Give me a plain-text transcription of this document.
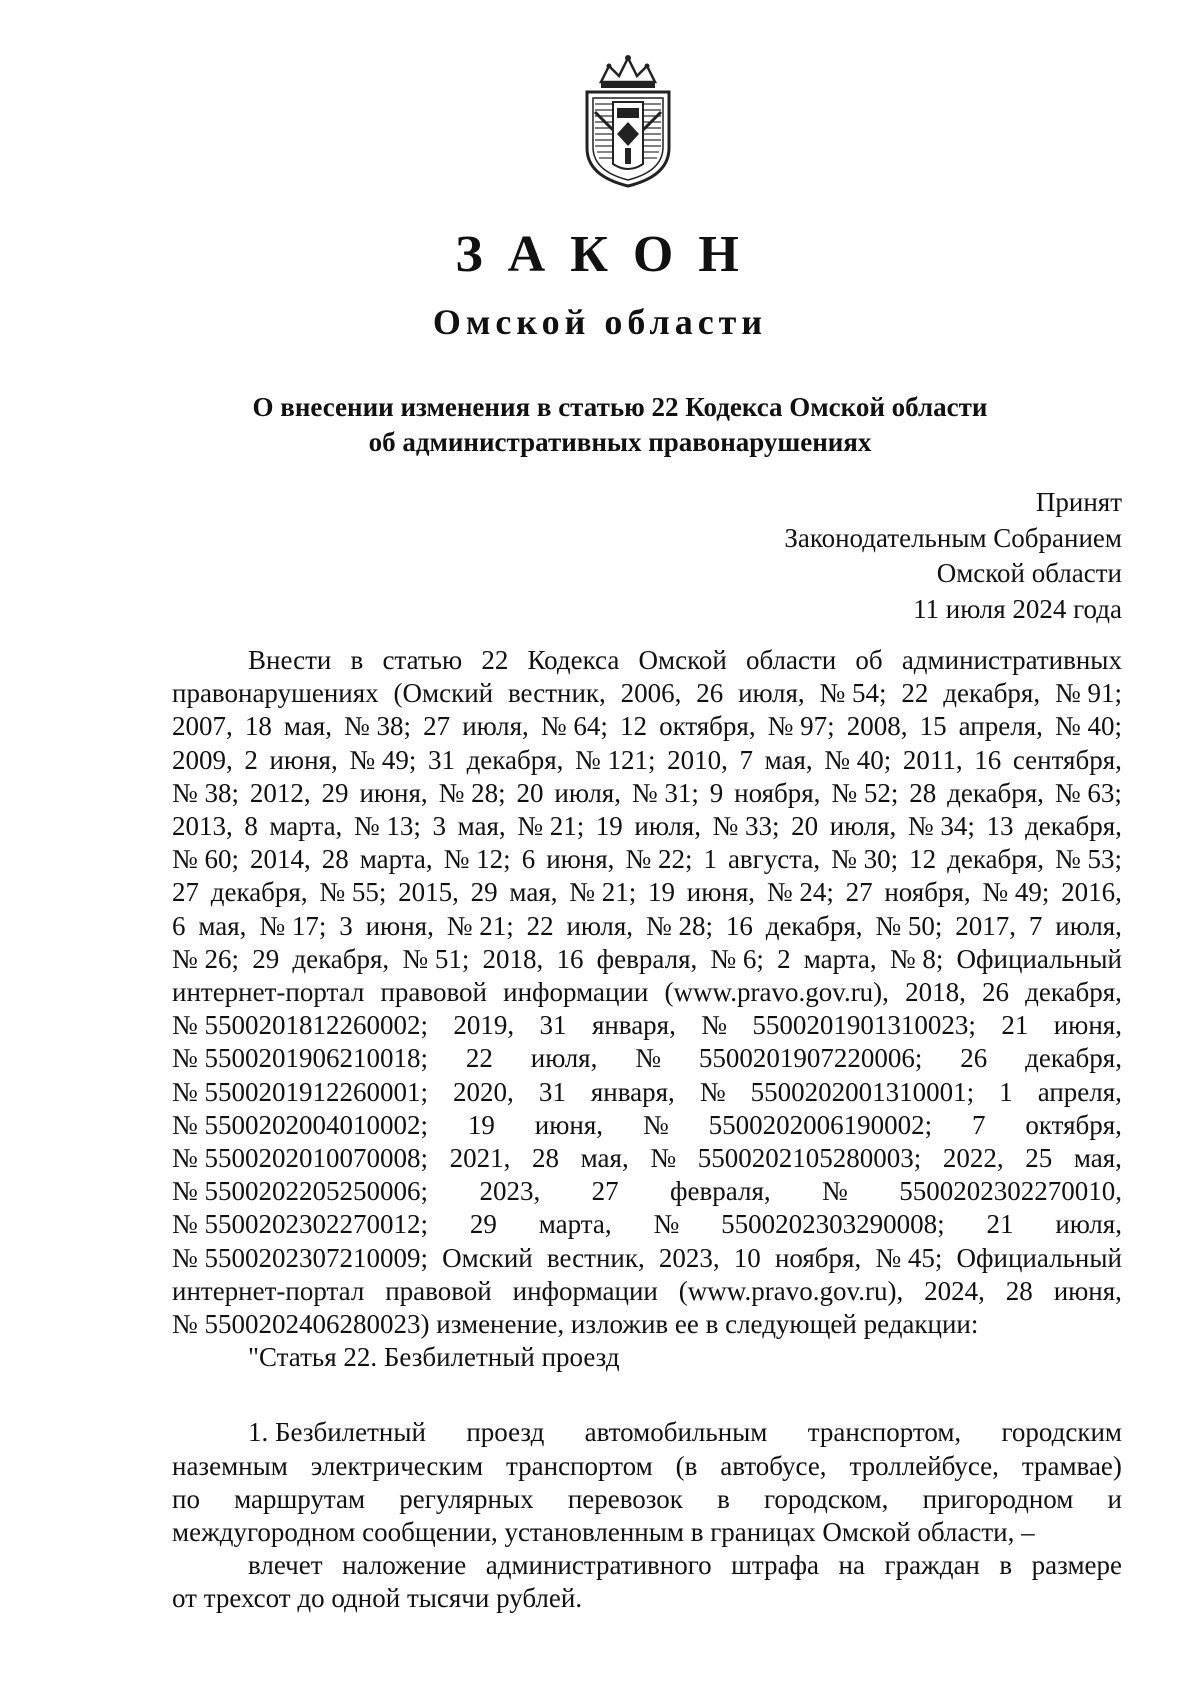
З А К О Н
Омской области
О внесении изменения в статью 22 Кодекса Омской области
об административных правонарушениях
Принят
Законодательным Собранием
Омской области
11 июля 2024 года
Внести в статью 22 Кодекса Омской области об административных
правонарушениях (Омский вестник, 2006, 26 июля, № 54; 22 декабря, № 91;
2007, 18 мая, № 38; 27 июля, № 64; 12 октября, № 97; 2008, 15 апреля, № 40;
2009, 2 июня, № 49; 31 декабря, № 121; 2010, 7 мая, № 40; 2011, 16 сентября,
№ 38; 2012, 29 июня, № 28; 20 июля, № 31; 9 ноября, № 52; 28 декабря, № 63;
2013, 8 марта, № 13; 3 мая, № 21; 19 июля, № 33; 20 июля, № 34; 13 декабря,
№ 60; 2014, 28 марта, № 12; 6 июня, № 22; 1 августа, № 30; 12 декабря, № 53;
27 декабря, № 55; 2015, 29 мая, № 21; 19 июня, № 24; 27 ноября, № 49; 2016,
6 мая, № 17; 3 июня, № 21; 22 июля, № 28; 16 декабря, № 50; 2017, 7 июля,
№ 26; 29 декабря, № 51; 2018, 16 февраля, № 6; 2 марта, № 8; Официальный
интернет-портал правовой информации (www.pravo.gov.ru), 2018, 26 декабря,
№ 5500201812260002; 2019, 31 января, № 5500201901310023; 21 июня,
№ 5500201906210018; 22 июля, № 5500201907220006; 26 декабря,
№ 5500201912260001; 2020, 31 января, № 5500202001310001; 1 апреля,
№ 5500202004010002; 19 июня, № 5500202006190002; 7 октября,
№ 5500202010070008; 2021, 28 мая, № 5500202105280003; 2022, 25 мая,
№ 5500202205250006; 2023, 27 февраля, № 5500202302270010,
№ 5500202302270012; 29 марта, № 5500202303290008; 21 июля,
№ 5500202307210009; Омский вестник, 2023, 10 ноября, № 45; Официальный
интернет-портал правовой информации (www.pravo.gov.ru), 2024, 28 июня,
№ 5500202406280023) изменение, изложив ее в следующей редакции:
"Статья 22. Безбилетный проезд
1. Безбилетный проезд автомобильным транспортом, городским
наземным электрическим транспортом (в автобусе, троллейбусе, трамвае)
по маршрутам регулярных перевозок в городском, пригородном и
междугородном сообщении, установленным в границах Омской области, –
влечет наложение административного штрафа на граждан в размере
от трехсот до одной тысячи рублей.
